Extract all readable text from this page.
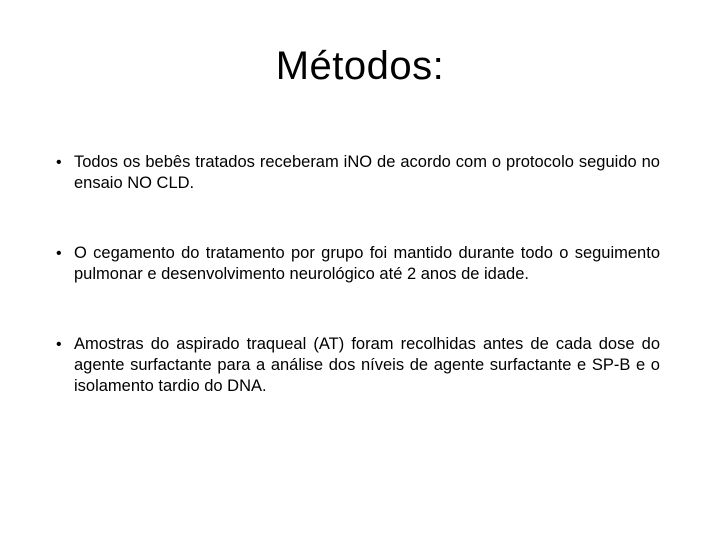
Métodos:
• Todos os bebês tratados receberam iNO de acordo com o protocolo seguido no ensaio NO CLD.
• O cegamento do tratamento por grupo foi mantido durante todo o seguimento pulmonar e desenvolvimento neurológico até 2 anos de idade.
• Amostras do aspirado traqueal (AT) foram recolhidas antes de cada dose do agente surfactante para a análise dos níveis de agente surfactante e SP-B e o isolamento tardio do DNA.
